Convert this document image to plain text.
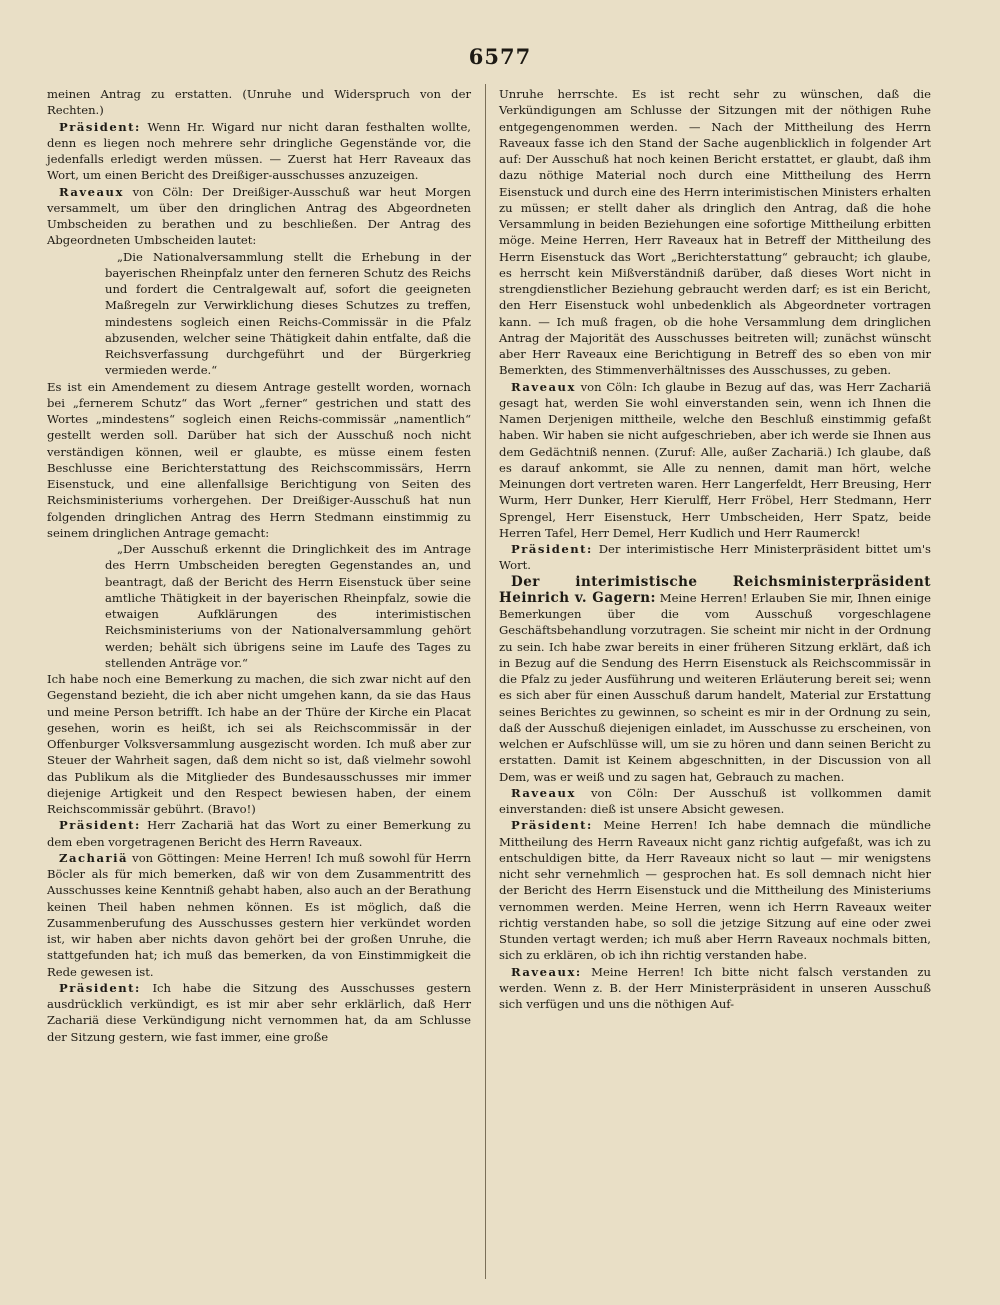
6577

meinen Antrag zu erstatten. (Unruhe und Widerspruch von der Rechten.)

Präsident: Wenn Hr. Wigard nur nicht daran festhalten wollte, denn es liegen noch mehrere sehr dringliche Gegenstände vor, die jedenfalls erledigt werden müssen. — Zuerst hat Herr Raveaux das Wort, um einen Bericht des Dreißiger-ausschusses anzuzeigen.

Raveaux von Cöln: Der Dreißiger-Ausschuß war heut Morgen versammelt, um über den dringlichen Antrag des Abgeordneten Umbscheiden zu berathen und zu beschließen. Der Antrag des Abgeordneten Umbscheiden lautet:

„Die Nationalversammlung stellt die Erhebung in der bayerischen Rheinpfalz unter den ferneren Schutz des Reichs und fordert die Centralgewalt auf, sofort die geeigneten Maßregeln zur Verwirklichung dieses Schutzes zu treffen, mindestens sogleich einen Reichs-Commissär in die Pfalz abzusenden, welcher seine Thätigkeit dahin entfalte, daß die Reichsverfassung durchgeführt und der Bürgerkrieg vermieden werde.“

Es ist ein Amendement zu diesem Antrage gestellt worden, wornach bei „fernerem Schutz“ das Wort „ferner“ gestrichen und statt des Wortes „mindestens“ sogleich einen Reichs-commissär „namentlich“ gestellt werden soll. Darüber hat sich der Ausschuß noch nicht verständigen können, weil er glaubte, es müsse einem festen Beschlusse eine Berichterstattung des Reichscommissärs, Herrn Eisenstuck, und eine allenfallsige Berichtigung von Seiten des Reichsministeriums vorhergehen. Der Dreißiger-Ausschuß hat nun folgenden dringlichen Antrag des Herrn Stedmann einstimmig zu seinem dringlichen Antrage gemacht:

„Der Ausschuß erkennt die Dringlichkeit des im Antrage des Herrn Umbscheiden beregten Gegenstandes an, und beantragt, daß der Bericht des Herrn Eisenstuck über seine amtliche Thätigkeit in der bayerischen Rheinpfalz, sowie die etwaigen Aufklärungen des interimistischen Reichsministeriums von der Nationalversammlung gehört werden; behält sich übrigens seine im Laufe des Tages zu stellenden Anträge vor.“

Ich habe noch eine Bemerkung zu machen, die sich zwar nicht auf den Gegenstand bezieht, die ich aber nicht umgehen kann, da sie das Haus und meine Person betrifft. Ich habe an der Thüre der Kirche ein Placat gesehen, worin es heißt, ich sei als Reichscommissär in der Offenburger Volksversammlung ausgezischt worden. Ich muß aber zur Steuer der Wahrheit sagen, daß dem nicht so ist, daß vielmehr sowohl das Publikum als die Mitglieder des Bundesausschusses mir immer diejenige Artigkeit und den Respect bewiesen haben, der einem Reichscommissär gebührt. (Bravo!)

Präsident: Herr Zachariä hat das Wort zu einer Bemerkung zu dem eben vorgetragenen Bericht des Herrn Raveaux.

Zachariä von Göttingen: Meine Herren! Ich muß sowohl für Herrn Böcler als für mich bemerken, daß wir von dem Zusammentritt des Ausschusses keine Kenntniß gehabt haben, also auch an der Berathung keinen Theil haben nehmen können. Es ist möglich, daß die Zusammenberufung des Ausschusses gestern hier verkündet worden ist, wir haben aber nichts davon gehört bei der großen Unruhe, die stattgefunden hat; ich muß das bemerken, da von Einstimmigkeit die Rede gewesen ist.

Präsident: Ich habe die Sitzung des Ausschusses gestern ausdrücklich verkündigt, es ist mir aber sehr erklärlich, daß Herr Zachariä diese Verkündigung nicht vernommen hat, da am Schlusse der Sitzung gestern, wie fast immer, eine große

Unruhe herrschte. Es ist recht sehr zu wünschen, daß die Verkündigungen am Schlusse der Sitzungen mit der nöthigen Ruhe entgegengenommen werden. — Nach der Mittheilung des Herrn Raveaux fasse ich den Stand der Sache augenblicklich in folgender Art auf: Der Ausschuß hat noch keinen Bericht erstattet, er glaubt, daß ihm dazu nöthige Material noch durch eine Mittheilung des Herrn Eisenstuck und durch eine des Herrn interimistischen Ministers erhalten zu müssen; er stellt daher als dringlich den Antrag, daß die hohe Versammlung in beiden Beziehungen eine sofortige Mittheilung erbitten möge. Meine Herren, Herr Raveaux hat in Betreff der Mittheilung des Herrn Eisenstuck das Wort „Berichterstattung“ gebraucht; ich glaube, es herrscht kein Mißverständniß darüber, daß dieses Wort nicht in strengdienstlicher Beziehung gebraucht werden darf; es ist ein Bericht, den Herr Eisenstuck wohl unbedenklich als Abgeordneter vortragen kann. — Ich muß fragen, ob die hohe Versammlung dem dringlichen Antrag der Majorität des Ausschusses beitreten will; zunächst wünscht aber Herr Raveaux eine Berichtigung in Betreff des so eben von mir Bemerkten, des Stimmenverhältnisses des Ausschusses, zu geben.

Raveaux von Cöln: Ich glaube in Bezug auf das, was Herr Zachariä gesagt hat, werden Sie wohl einverstanden sein, wenn ich Ihnen die Namen Derjenigen mittheile, welche den Beschluß einstimmig gefaßt haben. Wir haben sie nicht aufgeschrieben, aber ich werde sie Ihnen aus dem Gedächtniß nennen. (Zuruf: Alle, außer Zachariä.) Ich glaube, daß es darauf ankommt, sie Alle zu nennen, damit man hört, welche Meinungen dort vertreten waren. Herr Langerfeldt, Herr Breusing, Herr Wurm, Herr Dunker, Herr Kierulff, Herr Fröbel, Herr Stedmann, Herr Sprengel, Herr Eisenstuck, Herr Umbscheiden, Herr Spatz, beide Herren Tafel, Herr Demel, Herr Kudlich und Herr Raumerck!

Präsident: Der interimistische Herr Ministerpräsident bittet um's Wort.

Der interimistische Reichsministerpräsident Heinrich v. Gagern: Meine Herren! Erlauben Sie mir, Ihnen einige Bemerkungen über die vom Ausschuß vorgeschlagene Geschäftsbehandlung vorzutragen. Sie scheint mir nicht in der Ordnung zu sein. Ich habe zwar bereits in einer früheren Sitzung erklärt, daß ich in Bezug auf die Sendung des Herrn Eisenstuck als Reichscommissär in die Pfalz zu jeder Ausführung und weiteren Erläuterung bereit sei; wenn es sich aber für einen Ausschuß darum handelt, Material zur Erstattung seines Berichtes zu gewinnen, so scheint es mir in der Ordnung zu sein, daß der Ausschuß diejenigen einladet, im Ausschusse zu erscheinen, von welchen er Aufschlüsse will, um sie zu hören und dann seinen Bericht zu erstatten. Damit ist Keinem abgeschnitten, in der Discussion von all Dem, was er weiß und zu sagen hat, Gebrauch zu machen.

Raveaux von Cöln: Der Ausschuß ist vollkommen damit einverstanden: dieß ist unsere Absicht gewesen.

Präsident: Meine Herren! Ich habe demnach die mündliche Mittheilung des Herrn Raveaux nicht ganz richtig aufgefaßt, was ich zu entschuldigen bitte, da Herr Raveaux nicht so laut — mir wenigstens nicht sehr vernehmlich — gesprochen hat. Es soll demnach nicht hier der Bericht des Herrn Eisenstuck und die Mittheilung des Ministeriums vernommen werden. Meine Herren, wenn ich Herrn Raveaux weiter richtig verstanden habe, so soll die jetzige Sitzung auf eine oder zwei Stunden vertagt werden; ich muß aber Herrn Raveaux nochmals bitten, sich zu erklären, ob ich ihn richtig verstanden habe.

Raveaux: Meine Herren! Ich bitte nicht falsch verstanden zu werden. Wenn z. B. der Herr Ministerpräsident in unseren Ausschuß sich verfügen und uns die nöthigen Auf-
